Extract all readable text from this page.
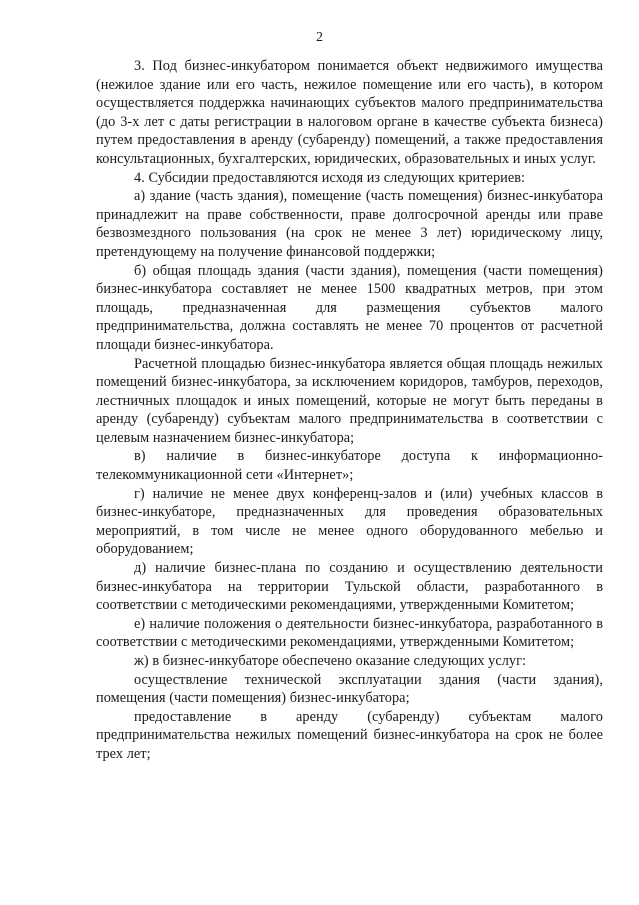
2

3. Под бизнес-инкубатором понимается объект недвижимого имущества (нежилое здание или его часть, нежилое помещение или его часть), в котором осуществляется поддержка начинающих субъектов малого предпринимательства (до 3-х лет с даты регистрации в налоговом органе в качестве субъекта бизнеса) путем предоставления в аренду (субаренду) помещений, а также предоставления консультационных, бухгалтерских, юридических, образовательных и иных услуг.

4. Субсидии предоставляются исходя из следующих критериев:

а) здание (часть здания), помещение (часть помещения) бизнес-инкубатора принадлежит на праве собственности, праве долгосрочной аренды или праве безвозмездного пользования (на срок не менее 3 лет) юридическому лицу, претендующему на получение финансовой поддержки;

б) общая площадь здания (части здания), помещения (части помещения) бизнес-инкубатора составляет не менее 1500 квадратных метров, при этом площадь, предназначенная для размещения субъектов малого предпринимательства, должна составлять не менее 70 процентов от расчетной площади бизнес-инкубатора.

Расчетной площадью бизнес-инкубатора является общая площадь нежилых помещений бизнес-инкубатора, за исключением коридоров, тамбуров, переходов, лестничных площадок и иных помещений, которые не могут быть переданы в аренду (субаренду) субъектам малого предпринимательства в соответствии с целевым назначением бизнес-инкубатора;

в) наличие в бизнес-инкубаторе доступа к информационно-телекоммуникационной сети «Интернет»;

г) наличие не менее двух конференц-залов и (или) учебных классов в бизнес-инкубаторе, предназначенных для проведения образовательных мероприятий, в том числе не менее одного оборудованного мебелью и оборудованием;

д) наличие бизнес-плана по созданию и осуществлению деятельности бизнес-инкубатора на территории Тульской области, разработанного в соответствии с методическими рекомендациями, утвержденными Комитетом;

е) наличие положения о деятельности бизнес-инкубатора, разработанного в соответствии с методическими рекомендациями, утвержденными Комитетом;

ж) в бизнес-инкубаторе обеспечено оказание следующих услуг:

осуществление технической эксплуатации здания (части здания), помещения (части помещения) бизнес-инкубатора;

предоставление в аренду (субаренду) субъектам малого предпринимательства нежилых помещений бизнес-инкубатора на срок не более трех лет;
